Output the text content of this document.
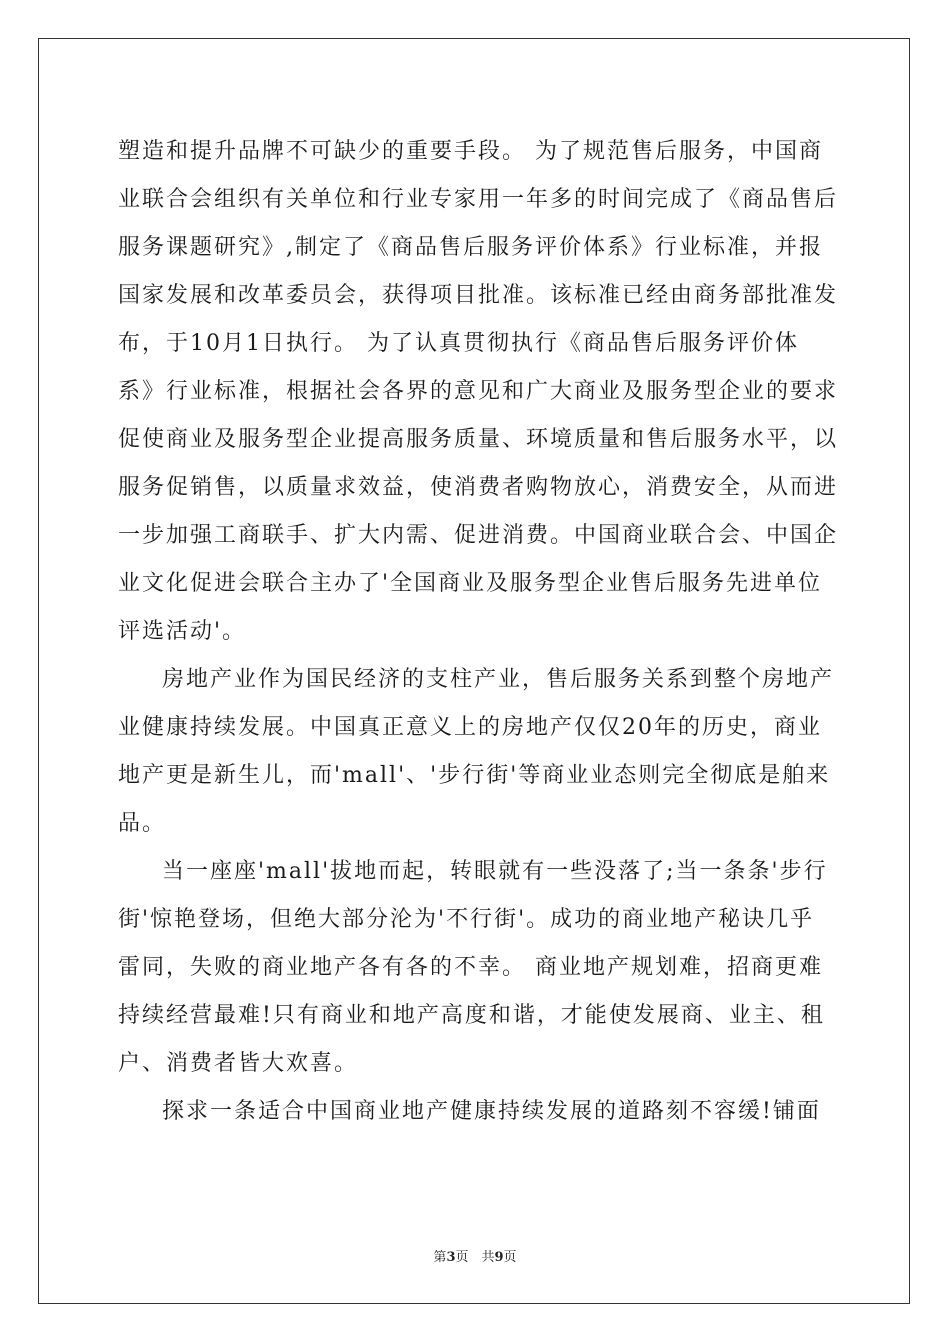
塑造和提升品牌不可缺少的重要手段。 为了规范售后服务，中国商
业联合会组织有关单位和行业专家用一年多的时间完成了《商品售后
服务课题研究》,制定了《商品售后服务评价体系》行业标准，并报
国家发展和改革委员会，获得项目批准。该标准已经由商务部批准发
布，于10月1日执行。 为了认真贯彻执行《商品售后服务评价体
系》行业标准，根据社会各界的意见和广大商业及服务型企业的要求
促使商业及服务型企业提高服务质量、环境质量和售后服务水平，以
服务促销售，以质量求效益，使消费者购物放心，消费安全，从而进
一步加强工商联手、扩大内需、促进消费。中国商业联合会、中国企
业文化促进会联合主办了'全国商业及服务型企业售后服务先进单位
评选活动'。
房地产业作为国民经济的支柱产业，售后服务关系到整个房地产
业健康持续发展。中国真正意义上的房地产仅仅20年的历史，商业
地产更是新生儿，而'mall'、'步行街'等商业业态则完全彻底是舶来
品。
当一座座'mall'拔地而起，转眼就有一些没落了;当一条条'步行
街'惊艳登场，但绝大部分沦为'不行街'。成功的商业地产秘诀几乎
雷同，失败的商业地产各有各的不幸。 商业地产规划难，招商更难
持续经营最难!只有商业和地产高度和谐，才能使发展商、业主、租
户、消费者皆大欢喜。
探求一条适合中国商业地产健康持续发展的道路刻不容缓!铺面
第3页　共9页
